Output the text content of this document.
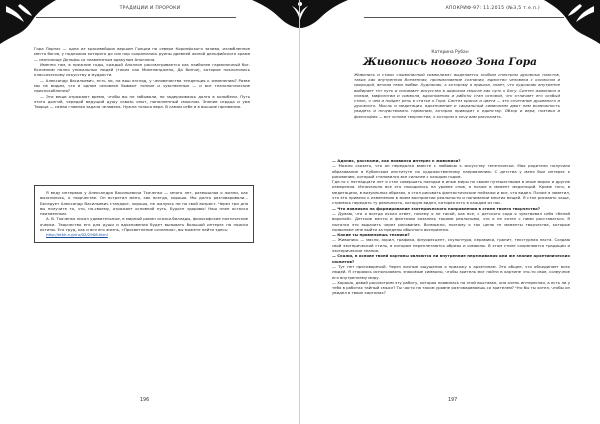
ТРАДИЦИИ И ПРОРОКИ

Гора Парнас — одна из красивейших вершин Греции на севере Коринфского залива, излюбленное место богов, у подножия которого до сих пор сохранились руины древней жилой дельфийского храма — святилище Дельфы со знаменитым оракулом Аполлона.

Именно там, в прежние годы, каждый Аполлон рассматривается как наиболее гармоничный бог. Вспомним полно уникальных людей (таких как Микеланджело, Да Винчи), которые поклонялись классическому искусству и мудрости.

— Александр Васильевич, есть ли, на ваш взгляд, у человечества тенденция к изменению? Разве мы не видим, что в одном человеке бывают тонкие и чувственные — и все технологические приспособления?

— Эти вещи отражают время, чтобы вы не забывали, но задерживаясь долго в колыбели. Путь этого долгий, чередой ведущий душу сквозь опыт, наполненный смыслом. Знание сердца и ума Творца — самая главная задача человека. Нужна только вера. В самом себе и в высшие призвания.

Я веду интервью у Александра Васильевича Ткаченко — много лет, размышляя о жизни, как выяснилось, о творчестве. Он встретил меня, как всегда, хорошо. Мы долго разговаривали... Беседует Александр Васильевич стандарт, хорошо, не жалуясь ни на свой возраст. Через три дня вы получите то, что, по-своему, отражает основной путь. Будьте здоровы! Наш план остался неизменным.

А. В. Ткаченко писал удивительные, в мирный роман сказки-баллады, философские поэтические очерки. Творчество его для души и вдохновения будет вызывать большой интерес на поиски истины. Его труд, как и вся его жизнь, «Просветление сознания», вы можете найти здесь:

http://ktkh.ru/ziru/02/2908.html

196
АПОКРИФ-97: 11.2015 (№3,5 т.е.п.)
Катерина Рубан
Живопись нового Зона Гора
Живопись и стихи «живописный символизм» выделяется особым спектром духовных пластов, таких как внутренняя Вселенная, проникновение сознания, единство человека с космосом и природой, вечная тема любви. Художник, к которому я пришла, знает, что художник внутренне выбирает тот путь и понимает искусство в широком смысле как путь к Богу. Синтез живописи и поэзии, мифологии и символа, вдохновения и работы стал основой, что отличает его особый стиль, о чем и пойдет речь в статье о Гора. Синтез красок и цвета — это сочетание душевного и духовного. Мысль и медитация, вдохновение и сакральный символизм дают нам возможность увидеть и почувствовать гармонию, которая приводит к единству. Обзор и вера, поэтика и философия — вот основа творчества, о котором я хочу вам рассказать.

— Адонис, расскажи, как появился интерес к живописи?

— Можно сказать, что он передался вместе с любовью к искусству генетически. Моя родители получили образование в Кубанском институте по художественному направлению. С детства у меня был интерес к рисованию, который становился все сильнее с каждым годом.

Где-то с пятнадцати лет я стал совершать поездки в иные миры по своим путешествиям в иные мирах и другие измерения. Изначально все это находилось на уровне снов, а позже в момент медитаций. Кроме того, в медитациях, в визуальных образах, я стал рисовать фантастические пейзажи и все, что видел. Позже я заметил, что это привело к изменению в моем восприятии реальности и понимании многих вещей. Я стал рисовать чаще, стремясь передать ту реальность, которую видел, которая есть в каждом из нас.

— Что повлияло на формирование эзотерического направления в стиле твоего творчества?

— Думаю, что я всегда искал ответ, почему я не такой, как все, с детского сада я чувствовал себя «белой вороной». Детские мечты и фантазии казались такими реальными, что я не хотел с ними расставаться. Я пытался это выразить через рисование. Возможно, поэтому я так ценю те моменты творчества, которые позволяют мне выйти за пределы обычного восприятия.

— Какие ты применяешь техники?

— Живопись — масло, акрил, графика, флуоресцент, скульптура, керамика, гранит, текстурная паста. Создаю свой эзотерический стиль, в котором переплетаются образы и символы. В этом стиле сохраняются традиции и эзотерические знания.

— Скажи, в основе твоей картины являются ли внутренние переживания или же знание архетипических сюжетов?

— Тут нет противоречий. Через личные ощущения я прихожу к архетипам. Это общее, что объединяет всех людей. Я стараюсь использовать знакомые символы, чтобы зритель мог найти в картине что-то свое, созвучное его внутреннему миру.

— Хорошо, давай рассмотрим эту работу, которая появилась на этой выставке, она очень интересная, а есть ли у тебя в работах тайный смысл? Ты часто на таком уровне разговариваешь со зрителем? Что бы ты хотел, чтобы он увидел в твоих картинах?

197
